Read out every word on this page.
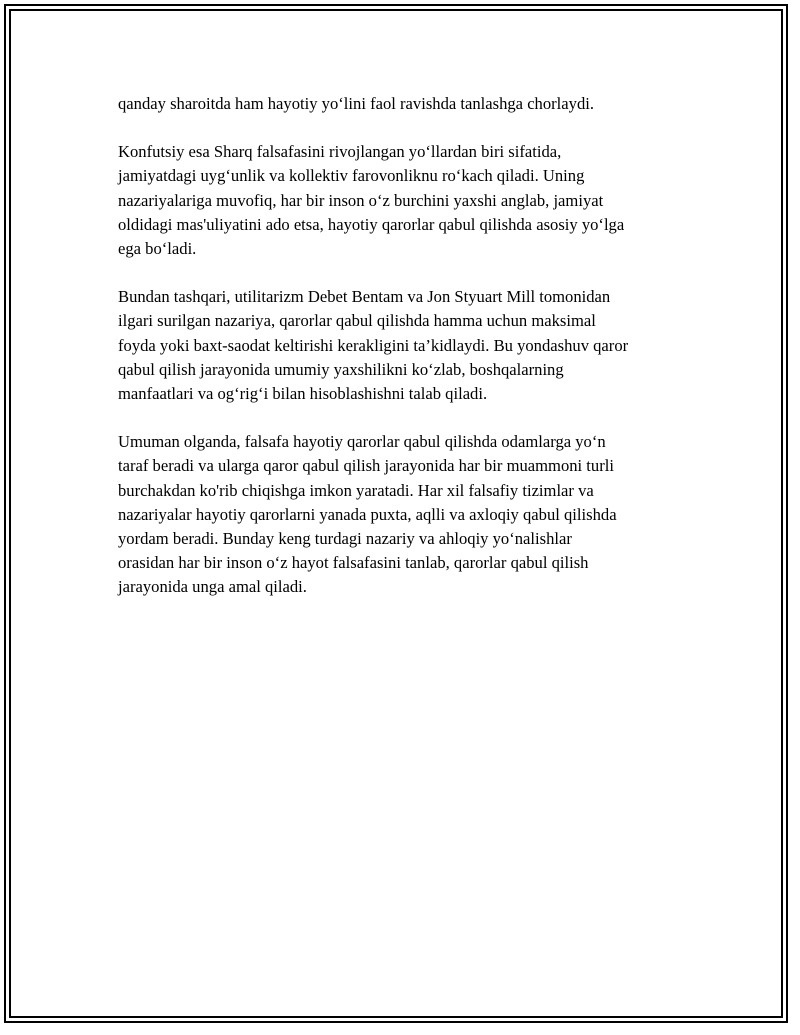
qanday sharoitda ham hayotiy yo‘lini faol ravishda tanlashga chorlaydi.

Konfutsiy esa Sharq falsafasini rivojlangan yo‘llardan biri sifatida,
jamiyatdagi uyg‘unlik va kollektiv farovonliknu ro‘kach qiladi. Uning
nazariyalariga muvofiq, har bir inson o‘z burchini yaxshi anglab, jamiyat
oldidagi mas'uliyatini ado etsa, hayotiy qarorlar qabul qilishda asosiy yo‘lga
ega bo‘ladi.

Bundan tashqari, utilitarizm Debet Bentam va Jon Styuart Mill tomonidan
ilgari surilgan nazariya, qarorlar qabul qilishda hamma uchun maksimal
foyda yoki baxt-saodat keltirishi kerakligini ta’kidlaydi. Bu yondashuv qaror
qabul qilish jarayonida umumiy yaxshilikni ko‘zlab, boshqalarning
manfaatlari va og‘rig‘i bilan hisoblashishni talab qiladi.

Umuman olganda, falsafa hayotiy qarorlar qabul qilishda odamlarga yo‘n
taraf beradi va ularga qaror qabul qilish jarayonida har bir muammoni turli
burchakdan ko'rib chiqishga imkon yaratadi. Har xil falsafiy tizimlar va
nazariyalar hayotiy qarorlarni yanada puxta, aqlli va axloqiy qabul qilishda
yordam beradi. Bunday keng turdagi nazariy va ahloqiy yo‘nalishlar
orasidan har bir inson o‘z hayot falsafasini tanlab, qarorlar qabul qilish
jarayonida unga amal qiladi.
